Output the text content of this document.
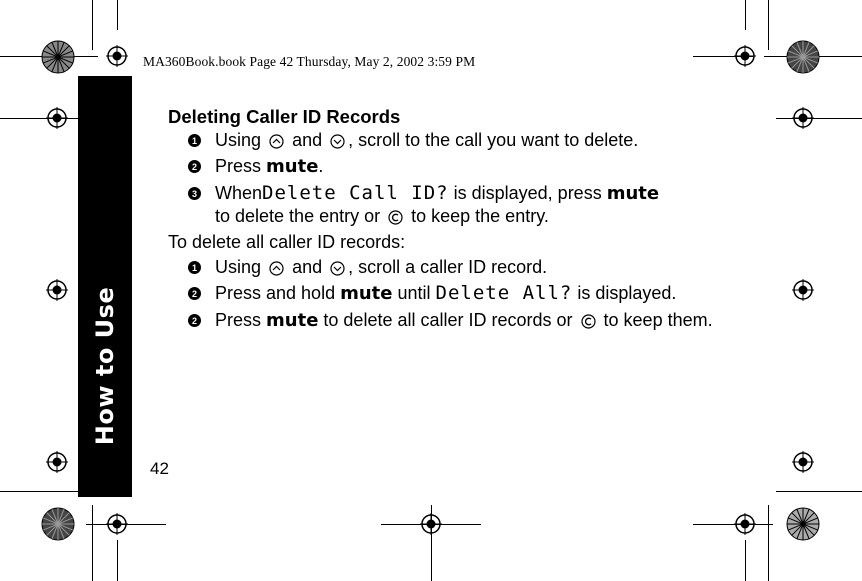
MA360Book.book Page 42 Thursday, May 2, 2002 3:59 PM
How to Use
42
Deleting Caller ID Records
1 Using and , scroll to the call you want to delete.
2 Press mute.
3 WhenDelete Call ID? is displayed, press mute
to delete the entry or  to keep the entry.
To delete all caller ID records:
1 Using and , scroll a caller ID record.
2 Press and hold mute until Delete All? is displayed.
2 Press mute to delete all caller ID records or  to keep them.
